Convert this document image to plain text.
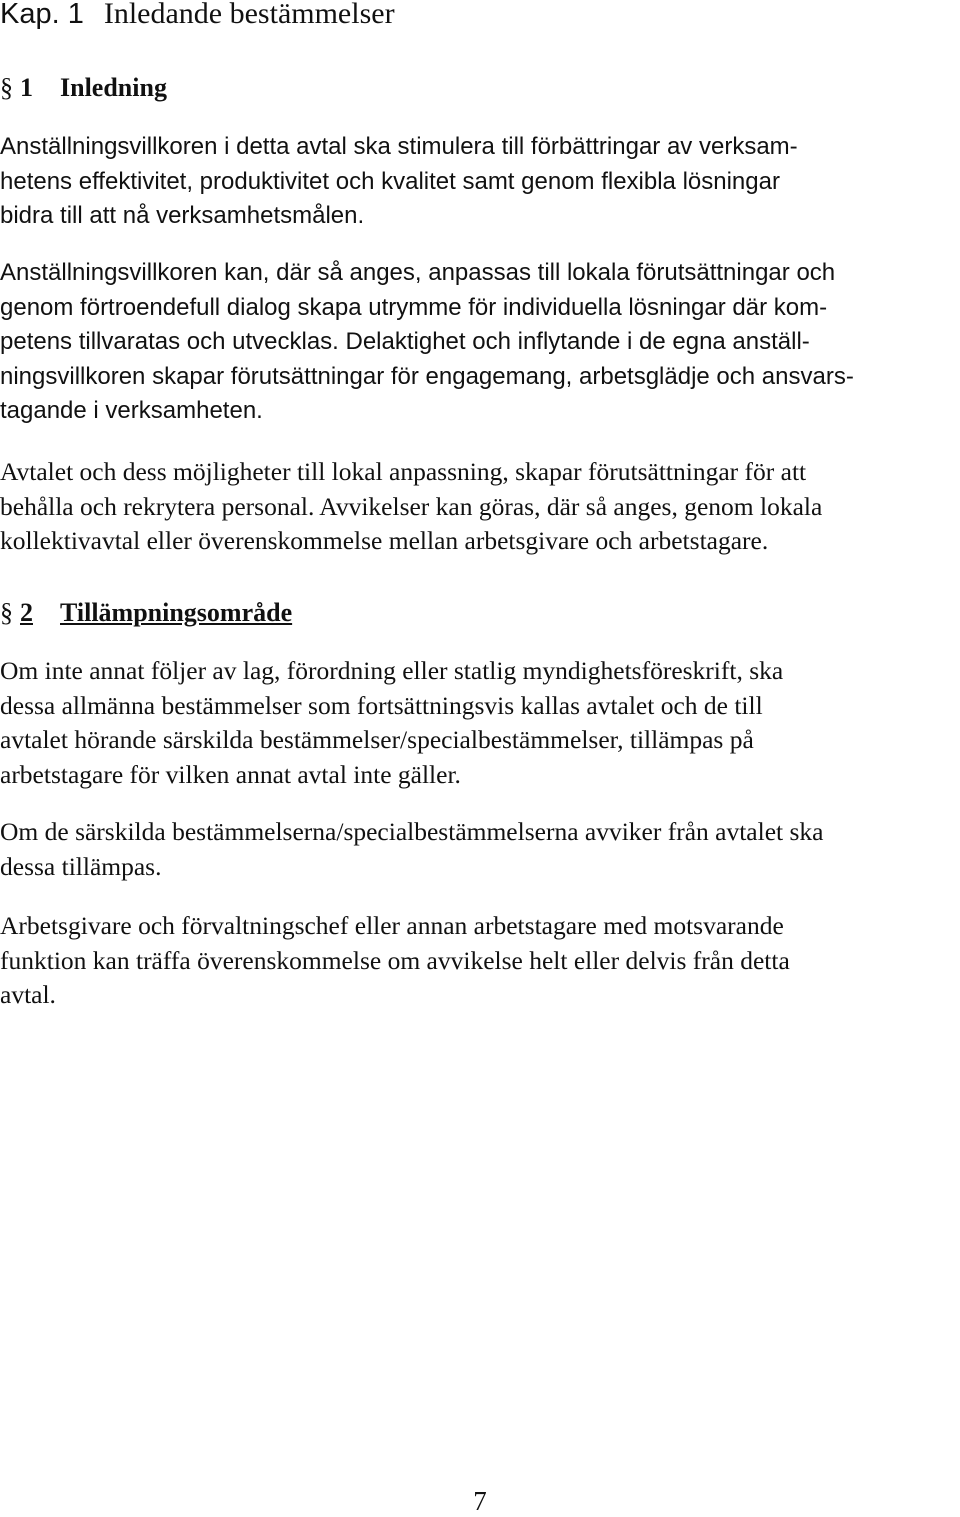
Kap. 1 Inledande bestämmelser
§ 1 Inledning
Anställningsvillkoren i detta avtal ska stimulera till förbättringar av verksam-
hetens effektivitet, produktivitet och kvalitet samt genom flexibla lösningar
bidra till att nå verksamhetsmålen.
Anställningsvillkoren kan, där så anges, anpassas till lokala förutsättningar och
genom förtroendefull dialog skapa utrymme för individuella lösningar där kom-
petens tillvaratas och utvecklas. Delaktighet och inflytande i de egna anställ-
ningsvillkoren skapar förutsättningar för engagemang, arbetsglädje och ansvars-
tagande i verksamheten.
Avtalet och dess möjligheter till lokal anpassning, skapar förutsättningar för att
behålla och rekrytera personal. Avvikelser kan göras, där så anges, genom lokala
kollektivavtal eller överenskommelse mellan arbetsgivare och arbetstagare.
§ 2 Tillämpningsområde
Om inte annat följer av lag, förordning eller statlig myndighetsföreskrift, ska
dessa allmänna bestämmelser som fortsättningsvis kallas avtalet och de till
avtalet hörande särskilda bestämmelser/specialbestämmelser, tillämpas på
arbetstagare för vilken annat avtal inte gäller.
Om de särskilda bestämmelserna/specialbestämmelserna avviker från avtalet ska
dessa tillämpas.
Arbetsgivare och förvaltningschef eller annan arbetstagare med motsvarande
funktion kan träffa överenskommelse om avvikelse helt eller delvis från detta
avtal.

7
